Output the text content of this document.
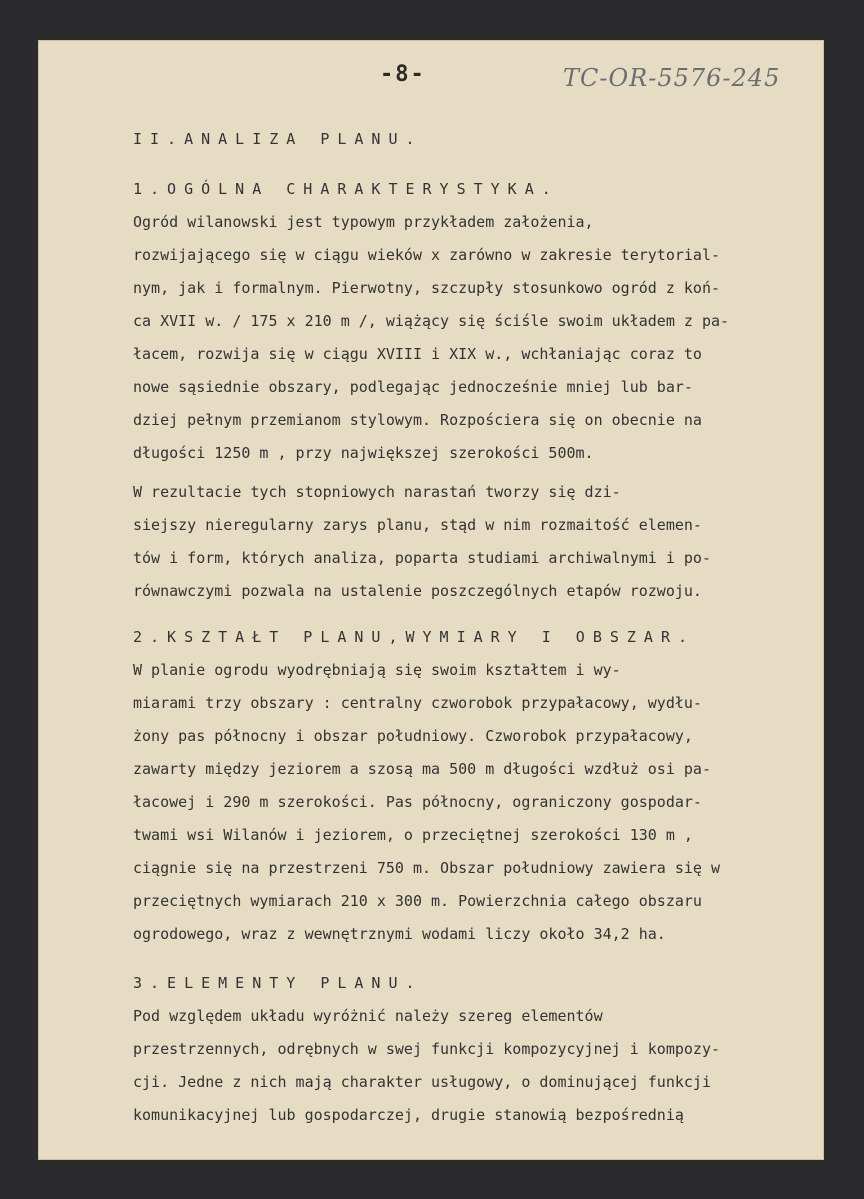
-8-	TC-OR-5576-245
II.ANALIZA PLANU.
1.OGÓLNA CHARAKTERYSTYKA.

Ogród wilanowski jest typowym przykładem założenia,
rozwijającego się w ciągu wieków x zarówno w zakresie terytorial-
nym, jak i formalnym. Pierwotny, szczupły stosunkowo ogród z koń-
ca XVII w. / 175 x 210 m /, wiążący się ściśle swoim układem z pa-
łacem, rozwija się w ciągu XVIII i XIX w., wchłaniając coraz to
nowe sąsiednie obszary, podlegając jednocześnie mniej lub bar-
dziej pełnym przemianom stylowym. Rozpościera się on obecnie na
długości 1250 m , przy największej szerokości 500m.

W rezultacie tych stopniowych narastań tworzy się dzi-
siejszy nieregularny zarys planu, stąd w nim rozmaitość elemen-
tów i form, których analiza, poparta studiami archiwalnymi i po-
równawczymi pozwala na ustalenie poszczególnych etapów rozwoju.

2.KSZTAŁT PLANU,WYMIARY I OBSZAR.

W planie ogrodu wyodrębniają się swoim kształtem i wy-
miarami trzy obszary : centralny czworobok przypałacowy, wydłu-
żony pas północny i obszar południowy. Czworobok przypałacowy,
zawarty między jeziorem a szosą ma 500 m długości wzdłuż osi pa-
łacowej i 290 m szerokości. Pas północny, ograniczony gospodar-
twami wsi Wilanów i jeziorem, o przeciętnej szerokości 130 m ,
ciągnie się na przestrzeni 750 m. Obszar południowy zawiera się w
przeciętnych wymiarach 210 x 300 m. Powierzchnia całego obszaru
ogrodowego, wraz z wewnętrznymi wodami liczy około 34,2 ha.

3.ELEMENTY PLANU.

Pod względem układu wyróżnić należy szereg elementów
przestrzennych, odrębnych w swej funkcji kompozycyjnej i kompozy-
cji. Jedne z nich mają charakter usługowy, o dominującej funkcji
komunikacyjnej lub gospodarczej, drugie stanowią bezpośrednią
